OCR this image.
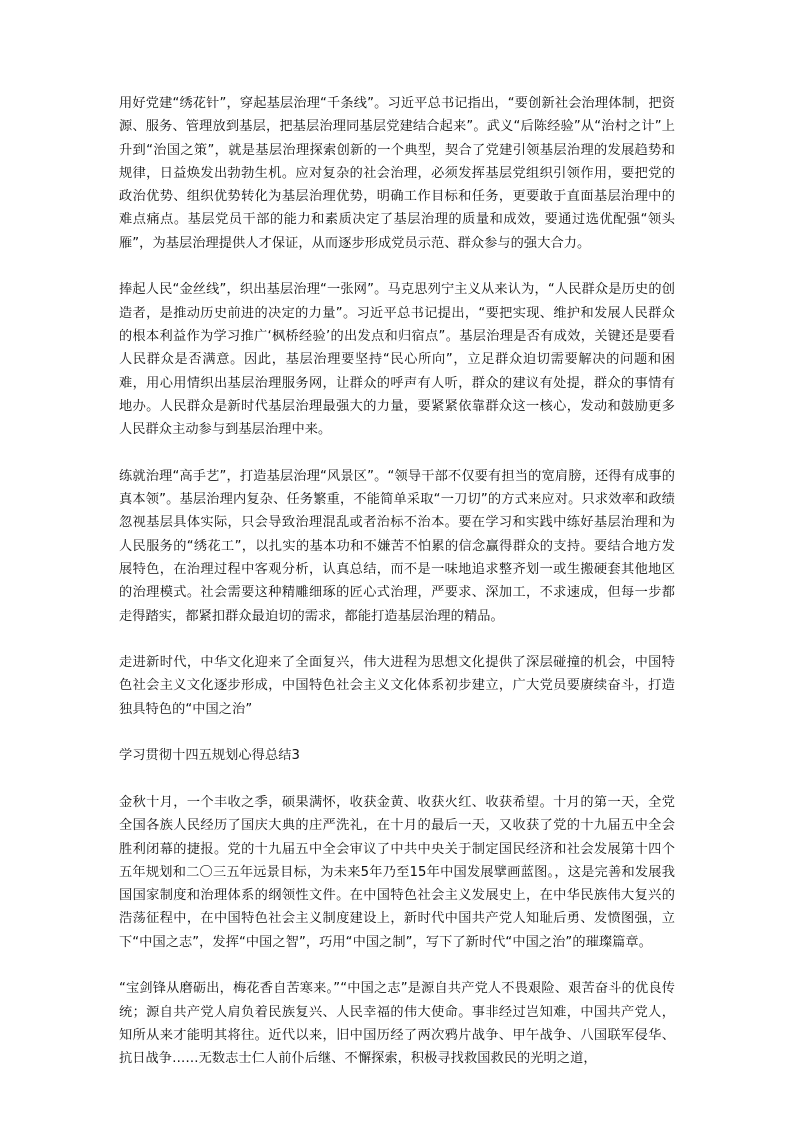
用好党建“绣花针”，穿起基层治理“千条线”。习近平总书记指出，“要创新社会治理体制，把资源、服务、管理放到基层，把基层治理同基层党建结合起来”。武义“后陈经验”从“治村之计”上升到“治国之策”，就是基层治理探索创新的一个典型，契合了党建引领基层治理的发展趋势和规律，日益焕发出勃勃生机。应对复杂的社会治理，必须发挥基层党组织引领作用，要把党的政治优势、组织优势转化为基层治理优势，明确工作目标和任务，更要敢于直面基层治理中的难点痛点。基层党员干部的能力和素质决定了基层治理的质量和成效，要通过选优配强“领头雁”，为基层治理提供人才保证，从而逐步形成党员示范、群众参与的强大合力。

捧起人民“金丝线”，织出基层治理“一张网”。马克思列宁主义从来认为，“人民群众是历史的创造者，是推动历史前进的决定的力量”。习近平总书记提出，“要把实现、维护和发展人民群众的根本利益作为学习推广‘枫桥经验’的出发点和归宿点”。基层治理是否有成效，关键还是要看人民群众是否满意。因此，基层治理要坚持“民心所向”，立足群众迫切需要解决的问题和困难，用心用情织出基层治理服务网，让群众的呼声有人听，群众的建议有处提，群众的事情有地办。人民群众是新时代基层治理最强大的力量，要紧紧依靠群众这一核心，发动和鼓励更多人民群众主动参与到基层治理中来。

练就治理“高手艺”，打造基层治理“风景区”。“领导干部不仅要有担当的宽肩膀，还得有成事的真本领”。基层治理内复杂、任务繁重，不能简单采取“一刀切”的方式来应对。只求效率和政绩忽视基层具体实际，只会导致治理混乱或者治标不治本。要在学习和实践中练好基层治理和为人民服务的“绣花工”，以扎实的基本功和不嫌苦不怕累的信念赢得群众的支持。要结合地方发展特色，在治理过程中客观分析，认真总结，而不是一味地追求整齐划一或生搬硬套其他地区的治理模式。社会需要这种精雕细琢的匠心式治理，严要求、深加工，不求速成，但每一步都走得踏实，都紧扣群众最迫切的需求，都能打造基层治理的精品。

走进新时代，中华文化迎来了全面复兴，伟大进程为思想文化提供了深层碰撞的机会，中国特色社会主义文化逐步形成，中国特色社会主义文化体系初步建立，广大党员要赓续奋斗，打造独具特色的“中国之治”

学习贯彻十四五规划心得总结3

金秋十月，一个丰收之季，硕果满怀，收获金黄、收获火红、收获希望。十月的第一天，全党全国各族人民经历了国庆大典的庄严洗礼，在十月的最后一天，又收获了党的十九届五中全会胜利闭幕的捷报。党的十九届五中全会审议了中共中央关于制定国民经济和社会发展第十四个五年规划和二〇三五年远景目标，为未来5年乃至15年中国发展擘画蓝图。，这是完善和发展我国国家制度和治理体系的纲领性文件。在中国特色社会主义发展史上，在中华民族伟大复兴的浩荡征程中，在中国特色社会主义制度建设上，新时代中国共产党人知耻后勇、发愤图强，立下“中国之志”，发挥“中国之智”，巧用“中国之制”，写下了新时代“中国之治”的璀璨篇章。

“宝剑锋从磨砺出，梅花香自苦寒来。”“中国之志”是源自共产党人不畏艰险、艰苦奋斗的优良传统；源自共产党人肩负着民族复兴、人民幸福的伟大使命。事非经过岂知难，中国共产党人，知所从来才能明其将往。近代以来，旧中国历经了两次鸦片战争、甲午战争、八国联军侵华、抗日战争……无数志士仁人前仆后继、不懈探索，积极寻找救国救民的光明之道，
